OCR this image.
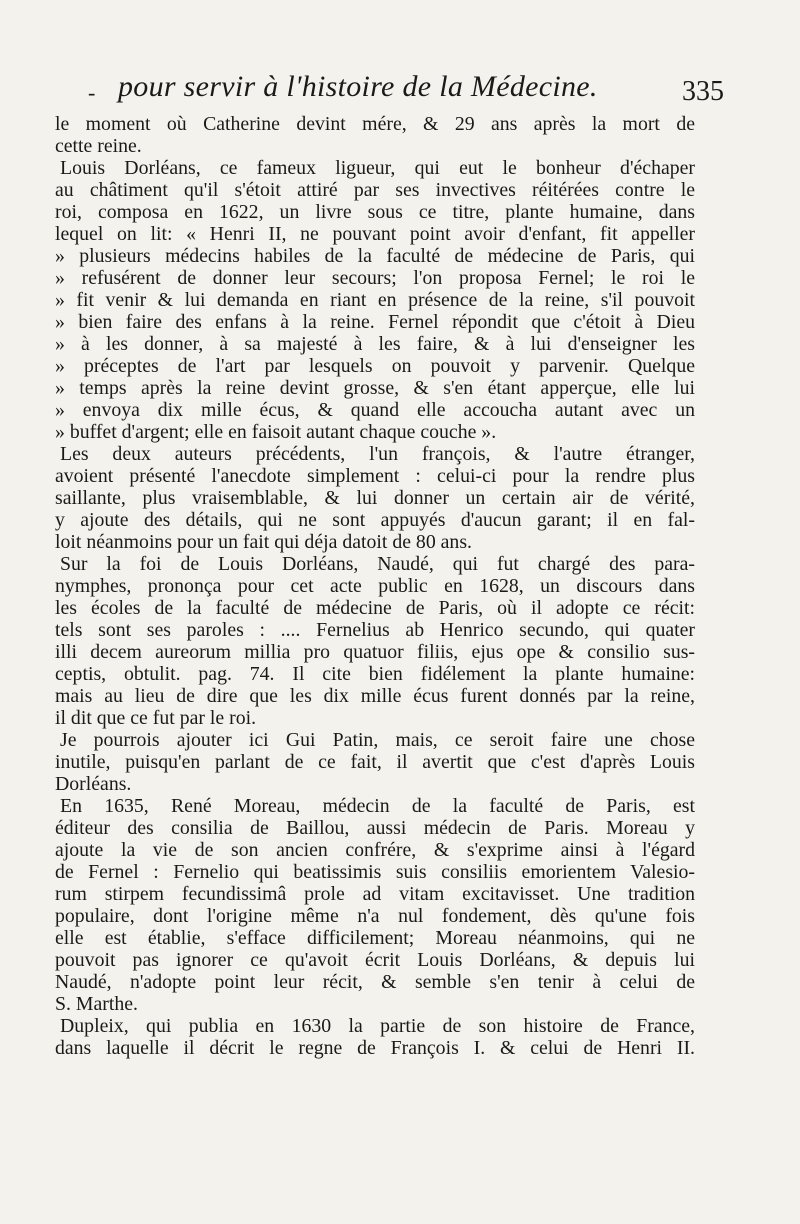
- pour servir à l'histoire de la Médecine.	335
le moment où Catherine devint mére, & 29 ans après la mort de
cette reine.
Louis Dorléans, ce fameux ligueur, qui eut le bonheur d'échaper
au châtiment qu'il s'étoit attiré par ses invectives réitérées contre le
roi, composa en 1622, un livre sous ce titre, plante humaine, dans
lequel on lit: « Henri II, ne pouvant point avoir d'enfant, fit appeller
» plusieurs médecins habiles de la faculté de médecine de Paris, qui
» refusérent de donner leur secours; l'on proposa Fernel; le roi le
» fit venir & lui demanda en riant en présence de la reine, s'il pouvoit
» bien faire des enfans à la reine. Fernel répondit que c'étoit à Dieu
» à les donner, à sa majesté à les faire, & à lui d'enseigner les
» préceptes de l'art par lesquels on pouvoit y parvenir. Quelque
» temps après la reine devint grosse, & s'en étant apperçue, elle lui
» envoya dix mille écus, & quand elle accoucha autant avec un
» buffet d'argent; elle en faisoit autant chaque couche ».
Les deux auteurs précédents, l'un françois, & l'autre étranger,
avoient présenté l'anecdote simplement : celui-ci pour la rendre plus
saillante, plus vraisemblable, & lui donner un certain air de vérité,
y ajoute des détails, qui ne sont appuyés d'aucun garant; il en fal-
loit néanmoins pour un fait qui déja datoit de 80 ans.
Sur la foi de Louis Dorléans, Naudé, qui fut chargé des para-
nymphes, prononça pour cet acte public en 1628, un discours dans
les écoles de la faculté de médecine de Paris, où il adopte ce récit:
tels sont ses paroles : .... Fernelius ab Henrico secundo, qui quater
illi decem aureorum millia pro quatuor filiis, ejus ope & consilio sus-
ceptis, obtulit. pag. 74. Il cite bien fidélement la plante humaine:
mais au lieu de dire que les dix mille écus furent donnés par la reine,
il dit que ce fut par le roi.
Je pourrois ajouter ici Gui Patin, mais, ce seroit faire une chose
inutile, puisqu'en parlant de ce fait, il avertit que c'est d'après Louis
Dorléans.
En 1635, René Moreau, médecin de la faculté de Paris, est
éditeur des consilia de Baillou, aussi médecin de Paris. Moreau y
ajoute la vie de son ancien confrére, & s'exprime ainsi à l'égard
de Fernel : Fernelio qui beatissimis suis consiliis emorientem Valesio-
rum stirpem fecundissimâ prole ad vitam excitavisset. Une tradition
populaire, dont l'origine même n'a nul fondement, dès qu'une fois
elle est établie, s'efface difficilement; Moreau néanmoins, qui ne
pouvoit pas ignorer ce qu'avoit écrit Louis Dorléans, & depuis lui
Naudé, n'adopte point leur récit, & semble s'en tenir à celui de
S. Marthe.
Dupleix, qui publia en 1630 la partie de son histoire de France,
dans laquelle il décrit le regne de François I. & celui de Henri II.
